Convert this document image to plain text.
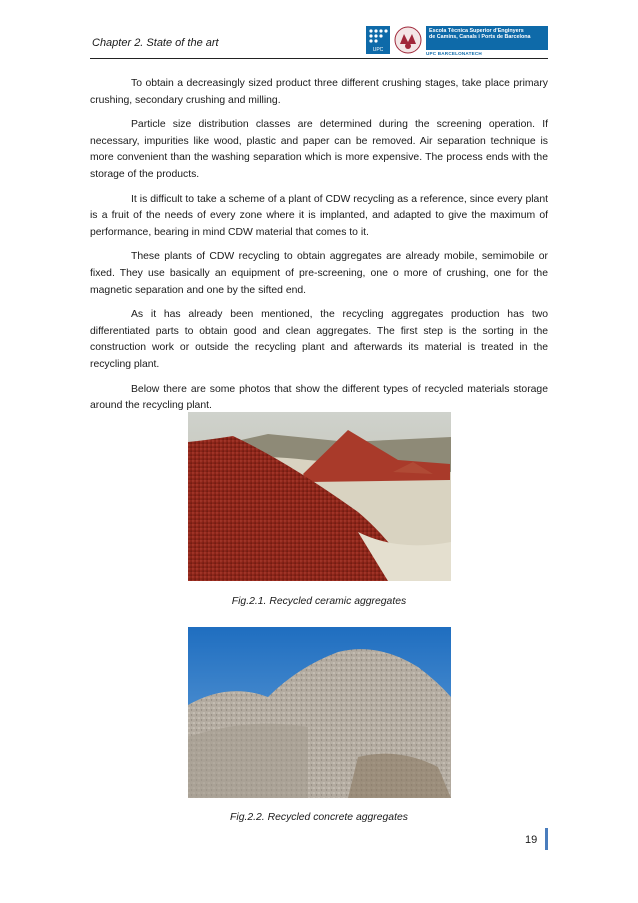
Chapter 2. State of the art
UPC
Escola Tècnica Superior d'Enginyers
de Camins, Canals i Ports de Barcelona
UPC BARCELONATECH

To obtain a decreasingly sized product three different crushing stages, take place primary crushing, secondary crushing and milling.

Particle size distribution classes are determined during the screening operation. If necessary, impurities like wood, plastic and paper can be removed. Air separation technique is more convenient than the washing separation which is more expensive. The process ends with the storage of the products.

It is difficult to take a scheme of a plant of CDW recycling as a reference, since every plant is a fruit of the needs of every zone where it is implanted, and adapted to give the maximum of performance, bearing in mind CDW material that comes to it.

These plants of CDW recycling to obtain aggregates are already mobile, semimobile or fixed. They use basically an equipment of pre-screening, one o more of crushing, one for the magnetic separation and one by the sifted end.

As it has already been mentioned, the recycling aggregates production has two differentiated parts to obtain good and clean aggregates. The first step is the sorting in the construction work or outside the recycling plant and afterwards its material is treated in the recycling plant.

Below there are some photos that show the different types of recycled materials storage around the recycling plant.

Fig.2.1. Recycled ceramic aggregates
Fig.2.2. Recycled concrete aggregates
19
